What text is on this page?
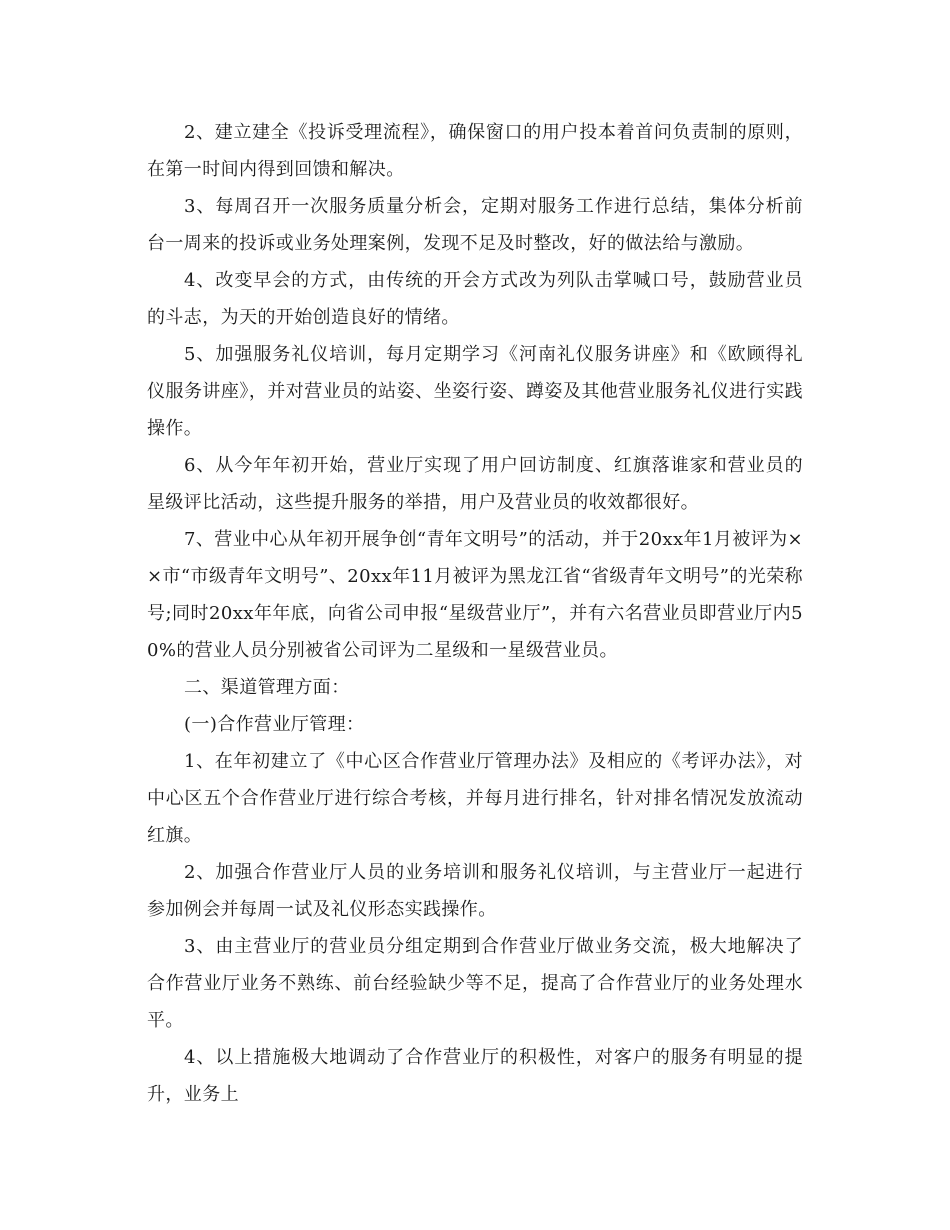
2、建立建全《投诉受理流程》，确保窗口的用户投本着首问负责制的原则，在第一时间内得到回馈和解决。

3、每周召开一次服务质量分析会，定期对服务工作进行总结，集体分析前台一周来的投诉或业务处理案例，发现不足及时整改，好的做法给与激励。

4、改变早会的方式，由传统的开会方式改为列队击掌喊口号，鼓励营业员的斗志，为天的开始创造良好的情绪。

5、加强服务礼仪培训，每月定期学习《河南礼仪服务讲座》和《欧顾得礼仪服务讲座》，并对营业员的站姿、坐姿行姿、蹲姿及其他营业服务礼仪进行实践操作。

6、从今年年初开始，营业厅实现了用户回访制度、红旗落谁家和营业员的星级评比活动，这些提升服务的举措，用户及营业员的收效都很好。

7、营业中心从年初开展争创“青年文明号”的活动，并于20xx年1月被评为××市“市级青年文明号”、20xx年11月被评为黑龙江省“省级青年文明号”的光荣称号;同时20xx年年底，向省公司申报“星级营业厅”，并有六名营业员即营业厅内50%的营业人员分别被省公司评为二星级和一星级营业员。

二、渠道管理方面：

(一)合作营业厅管理：

1、在年初建立了《中心区合作营业厅管理办法》及相应的《考评办法》，对中心区五个合作营业厅进行综合考核，并每月进行排名，针对排名情况发放流动红旗。

2、加强合作营业厅人员的业务培训和服务礼仪培训，与主营业厅一起进行参加例会并每周一试及礼仪形态实践操作。

3、由主营业厅的营业员分组定期到合作营业厅做业务交流，极大地解决了合作营业厅业务不熟练、前台经验缺少等不足，提高了合作营业厅的业务处理水平。

4、以上措施极大地调动了合作营业厅的积极性，对客户的服务有明显的提升，业务上
